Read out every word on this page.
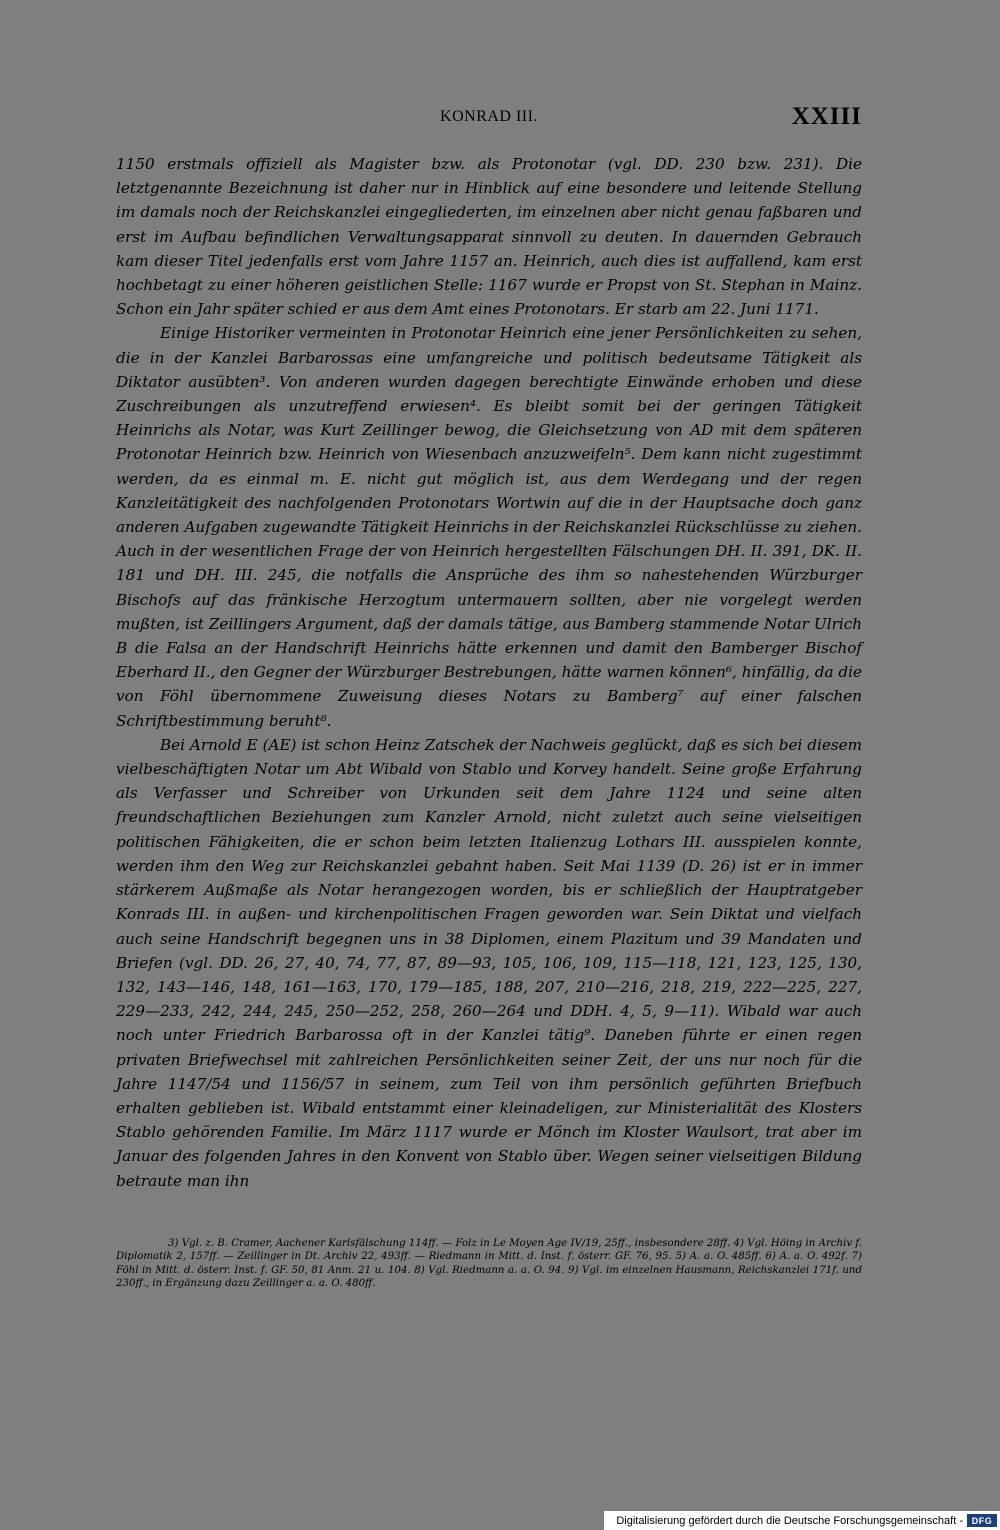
KONRAD III.	XXIII

1150 erstmals offiziell als Magister bzw. als Protonotar (vgl. DD. 230 bzw. 231). Die letztgenannte Bezeichnung ist daher nur in Hinblick auf eine besondere und leitende Stellung im damals noch der Reichskanzlei eingegliederten, im einzelnen aber nicht genau faßbaren und erst im Aufbau befindlichen Verwaltungsapparat sinnvoll zu deuten. In dauernden Gebrauch kam dieser Titel jedenfalls erst vom Jahre 1157 an. Heinrich, auch dies ist auffallend, kam erst hochbetagt zu einer höheren geistlichen Stelle: 1167 wurde er Propst von St. Stephan in Mainz. Schon ein Jahr später schied er aus dem Amt eines Protonotars. Er starb am 22. Juni 1171.

Einige Historiker vermeinten in Protonotar Heinrich eine jener Persönlichkeiten zu sehen, die in der Kanzlei Barbarossas eine umfangreiche und politisch bedeutsame Tätigkeit als Diktator ausübten³. Von anderen wurden dagegen berechtigte Einwände erhoben und diese Zuschreibungen als unzutreffend erwiesen⁴. Es bleibt somit bei der geringen Tätigkeit Heinrichs als Notar, was Kurt Zeillinger bewog, die Gleichsetzung von AD mit dem späteren Protonotar Heinrich bzw. Heinrich von Wiesenbach anzuzweifeln⁵. Dem kann nicht zugestimmt werden, da es einmal m. E. nicht gut möglich ist, aus dem Werdegang und der regen Kanzleitätigkeit des nachfolgenden Protonotars Wortwin auf die in der Hauptsache doch ganz anderen Aufgaben zugewandte Tätigkeit Heinrichs in der Reichskanzlei Rückschlüsse zu ziehen. Auch in der wesentlichen Frage der von Heinrich hergestellten Fälschungen DH. II. 391, DK. II. 181 und DH. III. 245, die notfalls die Ansprüche des ihm so nahestehenden Würzburger Bischofs auf das fränkische Herzogtum untermauern sollten, aber nie vorgelegt werden mußten, ist Zeillingers Argument, daß der damals tätige, aus Bamberg stammende Notar Ulrich B die Falsa an der Handschrift Heinrichs hätte erkennen und damit den Bamberger Bischof Eberhard II., den Gegner der Würzburger Bestrebungen, hätte warnen können⁶, hinfällig, da die von Föhl übernommene Zuweisung dieses Notars zu Bamberg⁷ auf einer falschen Schriftbestimmung beruht⁸.

Bei Arnold E (AE) ist schon Heinz Zatschek der Nachweis geglückt, daß es sich bei diesem vielbeschäftigten Notar um Abt Wibald von Stablo und Korvey handelt. Seine große Erfahrung als Verfasser und Schreiber von Urkunden seit dem Jahre 1124 und seine alten freundschaftlichen Beziehungen zum Kanzler Arnold, nicht zuletzt auch seine vielseitigen politischen Fähigkeiten, die er schon beim letzten Italienzug Lothars III. ausspielen konnte, werden ihm den Weg zur Reichskanzlei gebahnt haben. Seit Mai 1139 (D. 26) ist er in immer stärkerem Außmaße als Notar herangezogen worden, bis er schließlich der Hauptratgeber Konrads III. in außen- und kirchenpolitischen Fragen geworden war. Sein Diktat und vielfach auch seine Handschrift begegnen uns in 38 Diplomen, einem Plazitum und 39 Mandaten und Briefen (vgl. DD. 26, 27, 40, 74, 77, 87, 89—93, 105, 106, 109, 115—118, 121, 123, 125, 130, 132, 143—146, 148, 161—163, 170, 179—185, 188, 207, 210—216, 218, 219, 222—225, 227, 229—233, 242, 244, 245, 250—252, 258, 260—264 und DDH. 4, 5, 9—11). Wibald war auch noch unter Friedrich Barbarossa oft in der Kanzlei tätig⁹. Daneben führte er einen regen privaten Briefwechsel mit zahlreichen Persönlichkeiten seiner Zeit, der uns nur noch für die Jahre 1147/54 und 1156/57 in seinem, zum Teil von ihm persönlich geführten Briefbuch erhalten geblieben ist. Wibald entstammt einer kleinadeligen, zur Ministerialität des Klosters Stablo gehörenden Familie. Im März 1117 wurde er Mönch im Kloster Waulsort, trat aber im Januar des folgenden Jahres in den Konvent von Stablo über. Wegen seiner vielseitigen Bildung betraute man ihn

3) Vgl. z. B. Cramer, Aachener Karlsfälschung 114ff. — Folz in Le Moyen Age IV/19, 25ff., insbesondere 28ff. 4) Vgl. Höing in Archiv f. Diplomatik 2, 157ff. — Zeillinger in Dt. Archiv 22, 493ff. — Riedmann in Mitt. d. Inst. f. österr. GF. 76, 95. 5) A. a. O. 485ff. 6) A. a. O. 492f. 7) Föhl in Mitt. d. österr. Inst. f. GF. 50, 81 Anm. 21 u. 104. 8) Vgl. Riedmann a. a. O. 94. 9) Vgl. im einzelnen Hausmann, Reichskanzlei 171f. und 230ff., in Ergänzung dazu Zeillinger a. a. O. 480ff.

Digitalisierung gefördert durch die Deutsche Forschungsgemeinschaft - DFG
